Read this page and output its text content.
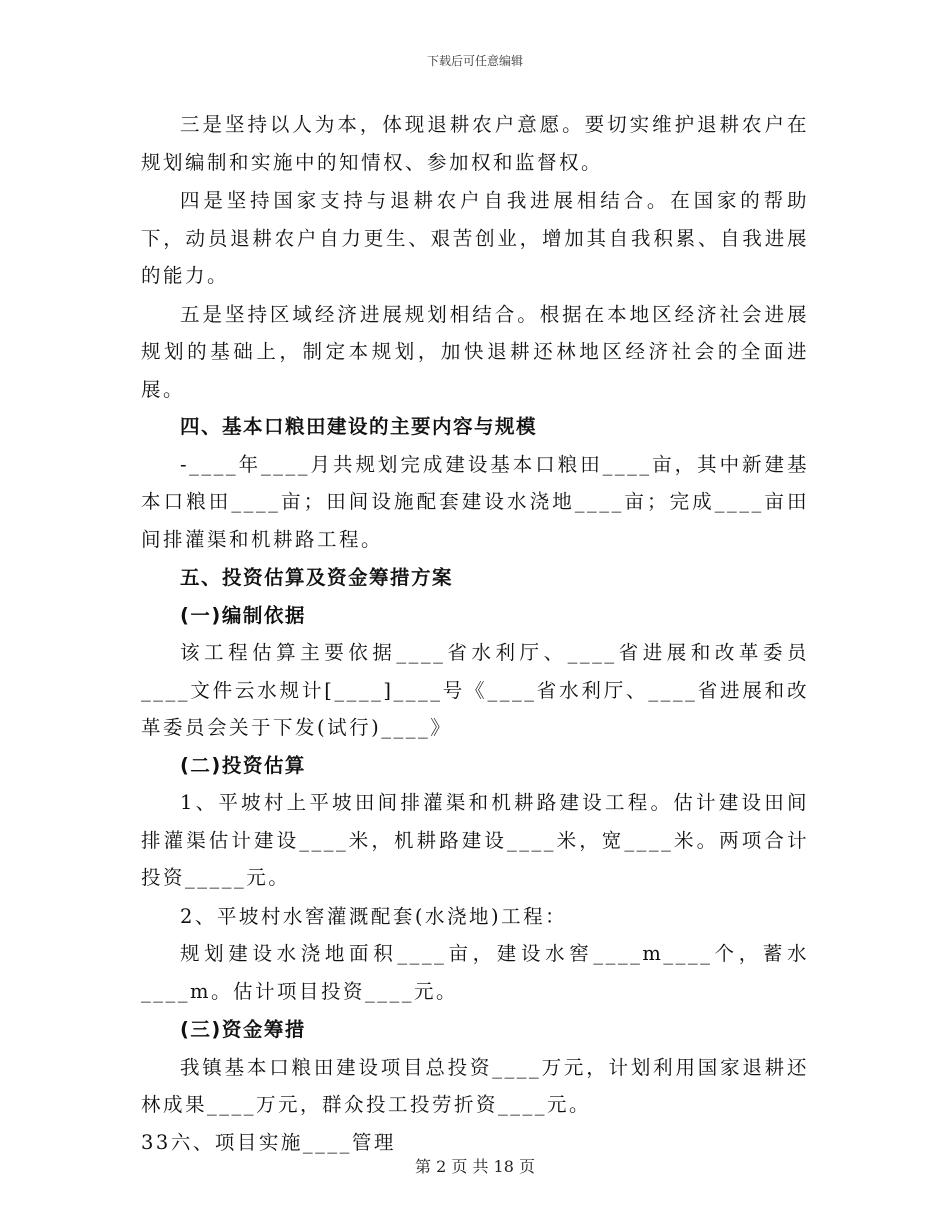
下载后可任意编辑

三是坚持以人为本，体现退耕农户意愿。要切实维护退耕农户在规划编制和实施中的知情权、参加权和监督权。

四是坚持国家支持与退耕农户自我进展相结合。在国家的帮助下，动员退耕农户自力更生、艰苦创业，增加其自我积累、自我进展的能力。

五是坚持区域经济进展规划相结合。根据在本地区经济社会进展规划的基础上，制定本规划，加快退耕还林地区经济社会的全面进展。

四、基本口粮田建设的主要内容与规模

-____年____月共规划完成建设基本口粮田____亩，其中新建基本口粮田____亩；田间设施配套建设水浇地____亩；完成____亩田间排灌渠和机耕路工程。

五、投资估算及资金筹措方案

(一)编制依据

该工程估算主要依据____省水利厅、____省进展和改革委员____文件云水规计[____]____号《____省水利厅、____省进展和改革委员会关于下发(试行)____》

(二)投资估算

1、平坡村上平坡田间排灌渠和机耕路建设工程。估计建设田间排灌渠估计建设____米，机耕路建设____米，宽____米。两项合计投资_____元。

2、平坡村水窖灌溉配套(水浇地)工程：

规划建设水浇地面积____亩，建设水窖____m____个，蓄水____m。估计项目投资____元。

(三)资金筹措

我镇基本口粮田建设项目总投资____万元，计划利用国家退耕还林成果____万元，群众投工投劳折资____元。

33六、项目实施____管理

第 2 页 共 18 页
